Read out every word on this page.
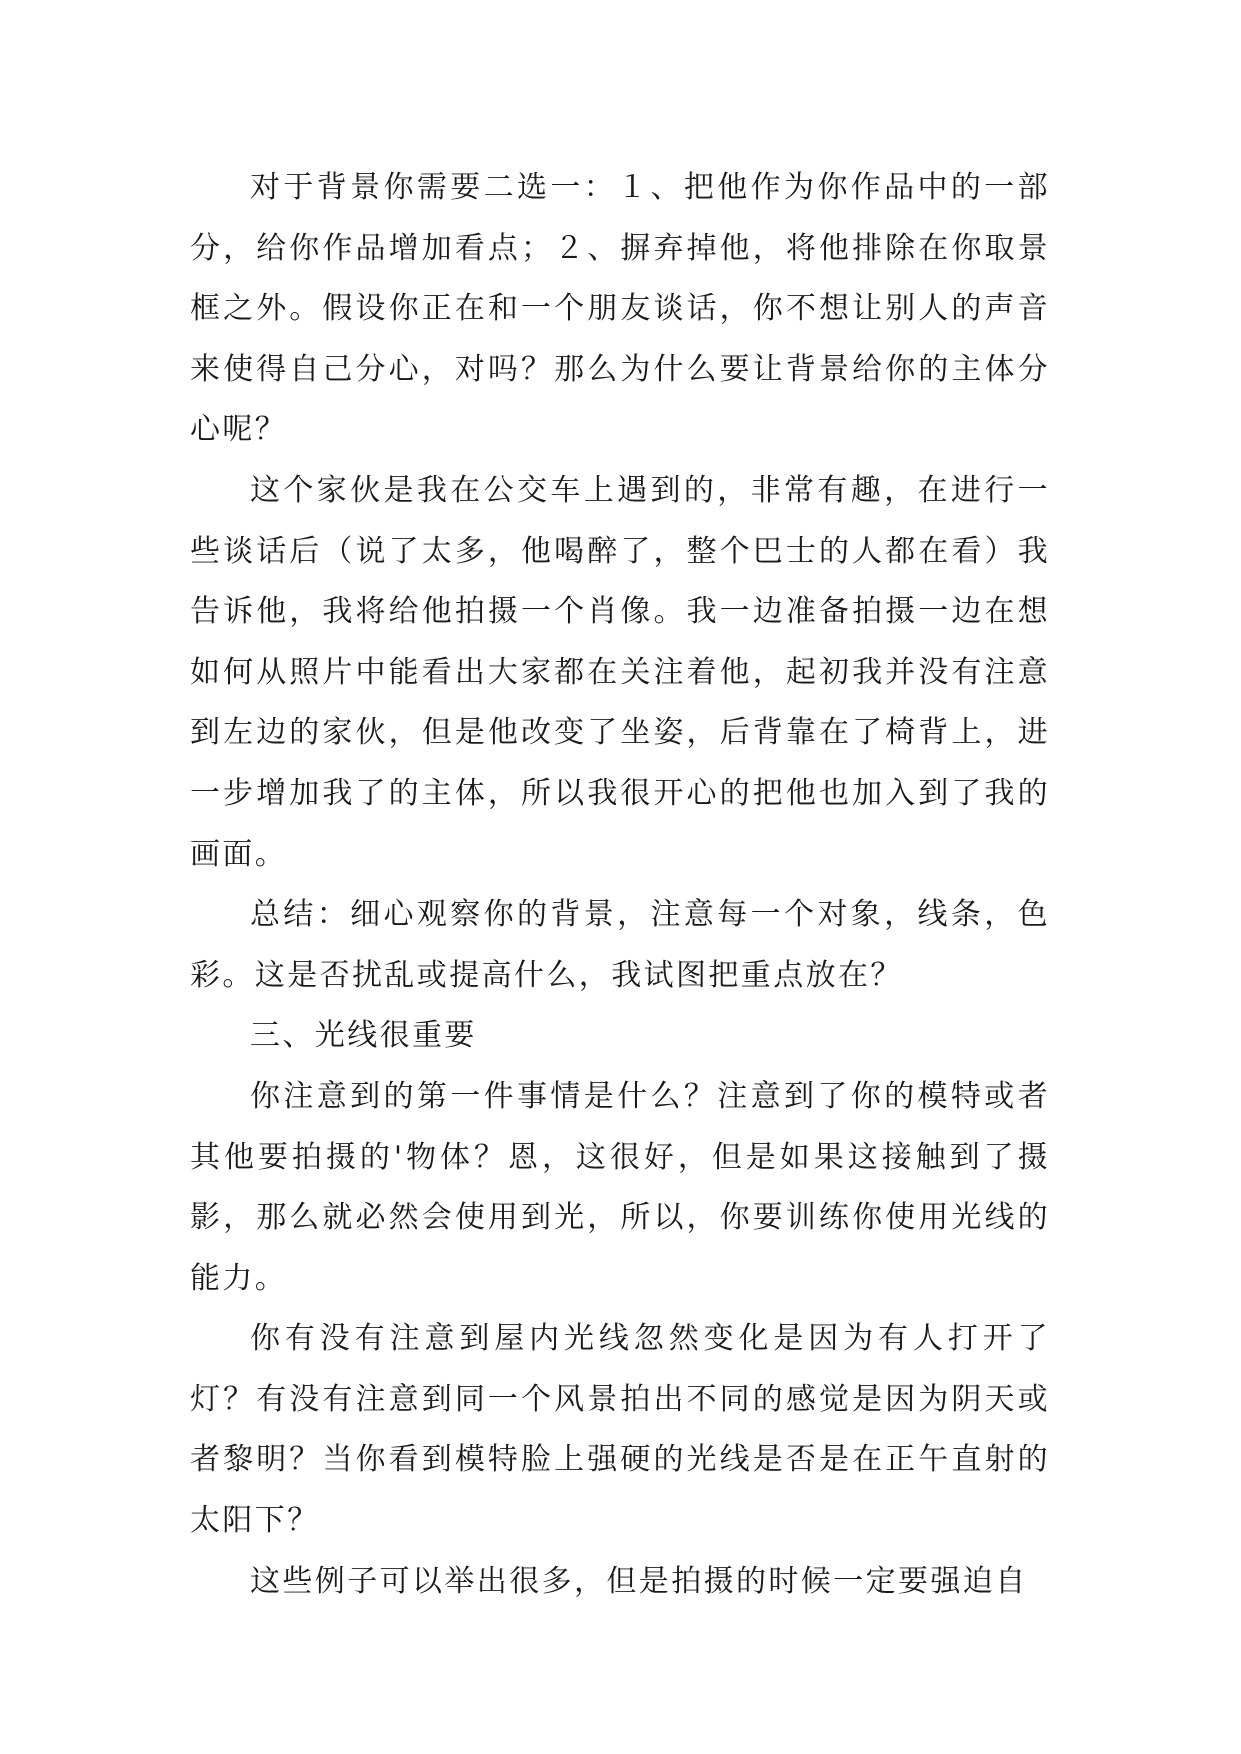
对于背景你需要二选一：１、把他作为你作品中的一部分，给你作品增加看点；２、摒弃掉他，将他排除在你取景框之外。假设你正在和一个朋友谈话，你不想让别人的声音来使得自己分心，对吗？那么为什么要让背景给你的主体分心呢？

这个家伙是我在公交车上遇到的，非常有趣，在进行一些谈话后（说了太多，他喝醉了，整个巴士的人都在看）我告诉他，我将给他拍摄一个肖像。我一边准备拍摄一边在想如何从照片中能看出大家都在关注着他，起初我并没有注意到左边的家伙，但是他改变了坐姿，后背靠在了椅背上，进一步增加我了的主体，所以我很开心的把他也加入到了我的画面。

总结：细心观察你的背景，注意每一个对象，线条，色彩。这是否扰乱或提高什么，我试图把重点放在？

三、光线很重要

你注意到的第一件事情是什么？注意到了你的模特或者其他要拍摄的'物体？恩，这很好，但是如果这接触到了摄影，那么就必然会使用到光，所以，你要训练你使用光线的能力。

你有没有注意到屋内光线忽然变化是因为有人打开了灯？有没有注意到同一个风景拍出不同的感觉是因为阴天或者黎明？当你看到模特脸上强硬的光线是否是在正午直射的太阳下？

这些例子可以举出很多，但是拍摄的时候一定要强迫自
